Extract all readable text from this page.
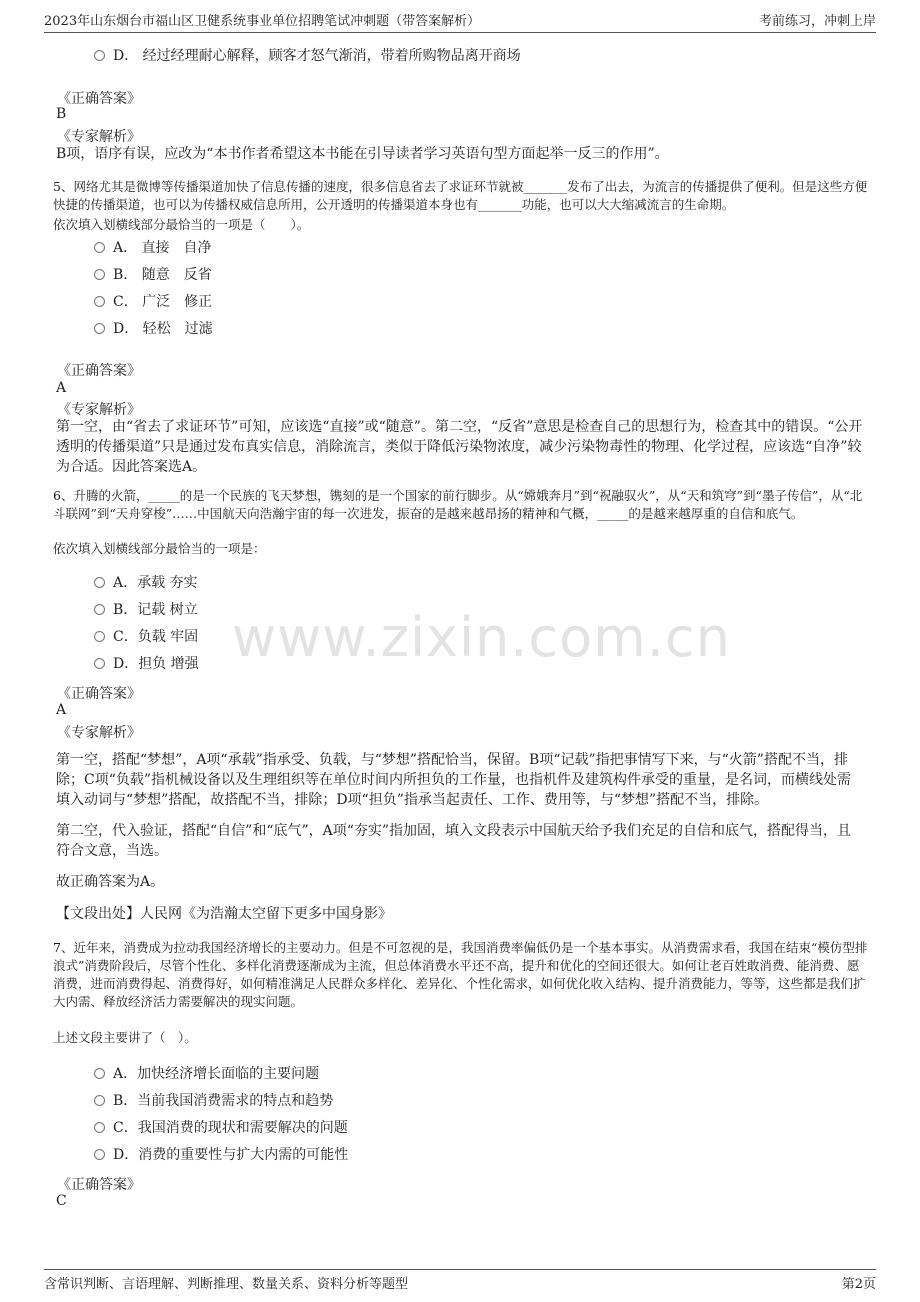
2023年山东烟台市福山区卫健系统事业单位招聘笔试冲刺题（带答案解析）	考前练习，冲刺上岸
www.zixin.com.cn
D． 经过经理耐心解释，顾客才怒气渐消，带着所购物品离开商场
《正确答案》
B
《专家解析》
B项，语序有误，应改为“本书作者希望这本书能在引导读者学习英语句型方面起举一反三的作用”。
5、网络尤其是微博等传播渠道加快了信息传播的速度，很多信息省去了求证环节就被_______发布了出去，为流言的传播提供了便利。但是这些方便快捷的传播渠道，也可以为传播权威信息所用，公开透明的传播渠道本身也有_______功能，也可以大大缩减流言的生命期。
依次填入划横线部分最恰当的一项是（　　）。
A． 直接　自净
B． 随意　反省
C． 广泛　修正
D． 轻松　过滤
《正确答案》
A
《专家解析》
第一空，由“省去了求证环节”可知，应该选“直接”或“随意”。第二空，“反省”意思是检查自己的思想行为，检查其中的错误。“公开透明的传播渠道”只是通过发布真实信息，消除流言，类似于降低污染物浓度，减少污染物毒性的物理、化学过程，应该选“自净”较为合适。因此答案选A。
6、升腾的火箭，_____的是一个民族的飞天梦想，镌刻的是一个国家的前行脚步。从“嫦娥奔月”到“祝融驭火”，从“天和筑穹”到“墨子传信”，从“北斗联网”到“天舟穿梭”……中国航天向浩瀚宇宙的每一次进发，振奋的是越来越昂扬的精神和气概，_____的是越来越厚重的自信和底气。
依次填入划横线部分最恰当的一项是：
A．承载 夯实
B．记载 树立
C．负载 牢固
D．担负 增强
《正确答案》
A
《专家解析》
第一空，搭配“梦想”，A项“承载”指承受、负载，与“梦想”搭配恰当，保留。B项“记载”指把事情写下来，与“火箭”搭配不当，排除；C项“负载”指机械设备以及生理组织等在单位时间内所担负的工作量，也指机件及建筑构件承受的重量，是名词，而横线处需填入动词与“梦想”搭配，故搭配不当，排除；D项“担负”指承当起责任、工作、费用等，与“梦想”搭配不当，排除。
第二空，代入验证，搭配“自信”和“底气”，A项“夯实”指加固，填入文段表示中国航天给予我们充足的自信和底气，搭配得当，且符合文意，当选。
故正确答案为A。
【文段出处】人民网《为浩瀚太空留下更多中国身影》
7、近年来，消费成为拉动我国经济增长的主要动力。但是不可忽视的是，我国消费率偏低仍是一个基本事实。从消费需求看，我国在结束“模仿型排浪式”消费阶段后，尽管个性化、多样化消费逐渐成为主流，但总体消费水平还不高，提升和优化的空间还很大。如何让老百姓敢消费、能消费、愿消费，进而消费得起、消费得好，如何精准满足人民群众多样化、差异化、个性化需求，如何优化收入结构、提升消费能力，等等，这些都是我们扩大内需、释放经济活力需要解决的现实问题。
上述文段主要讲了（　）。
A．加快经济增长面临的主要问题
B．当前我国消费需求的特点和趋势
C．我国消费的现状和需要解决的问题
D．消费的重要性与扩大内需的可能性
《正确答案》
C
含常识判断、言语理解、判断推理、数量关系、资料分析等题型	第2页
